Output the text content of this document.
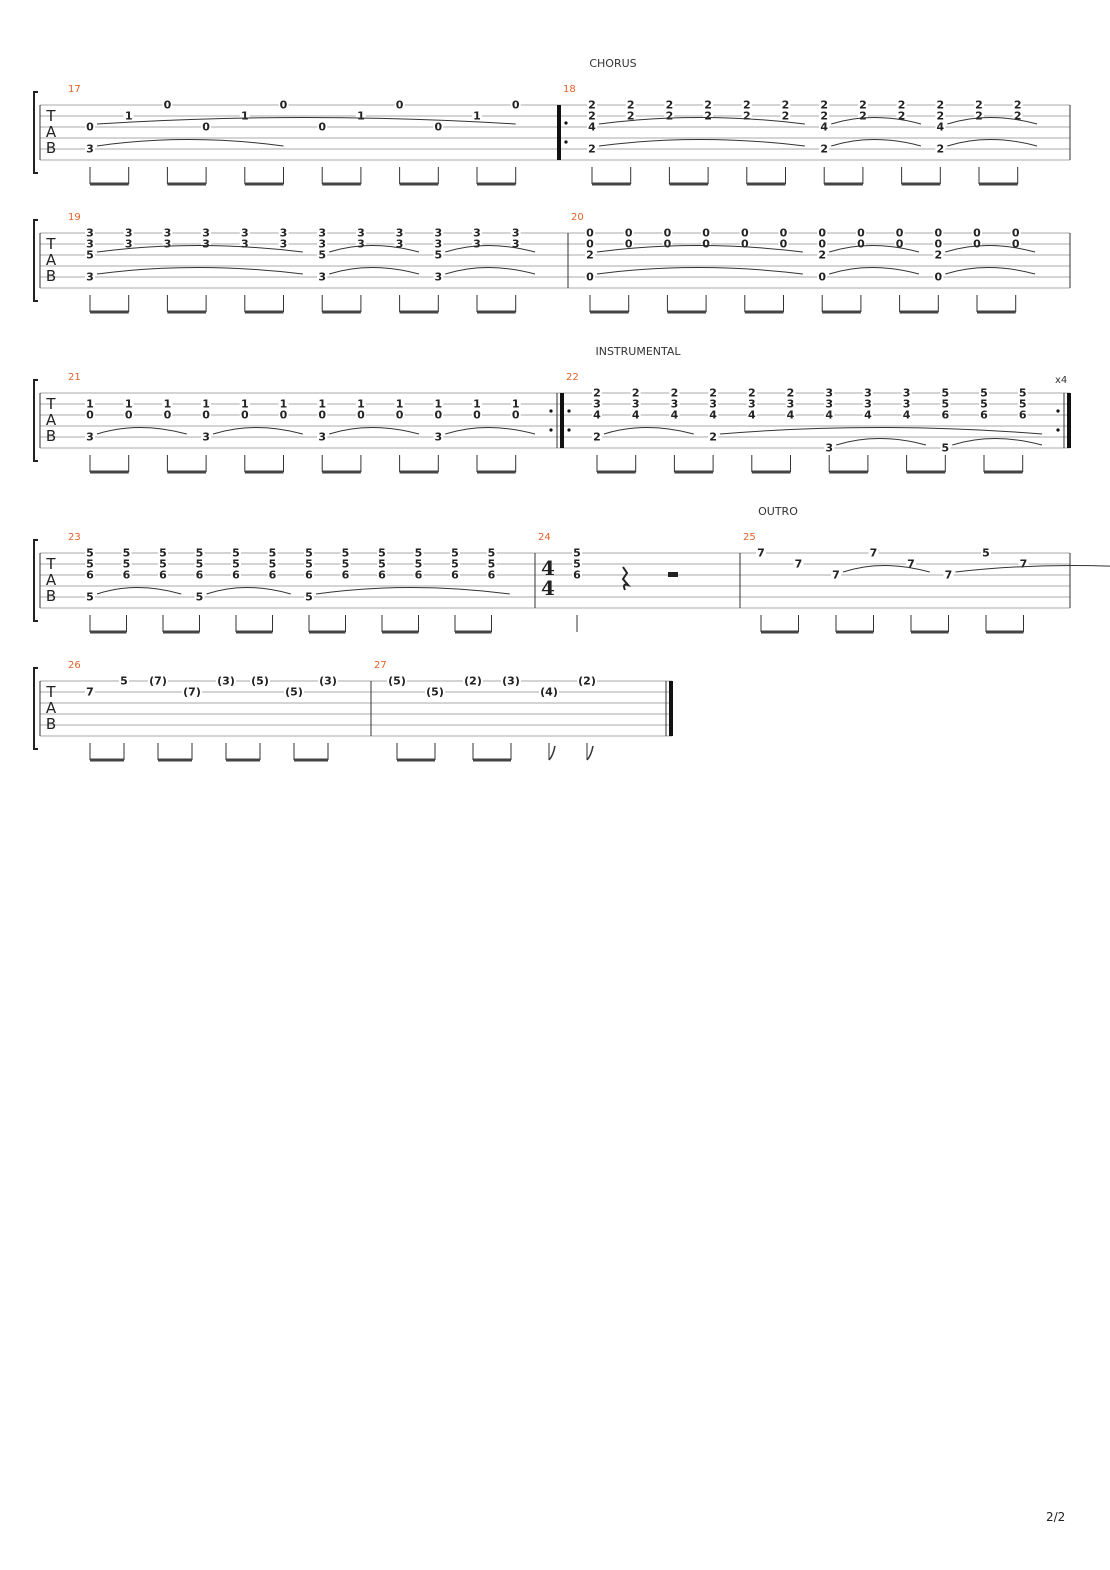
T
A
B
17
3
0
1
0
0
1
0
0
1
0
0
1
0
18
CHORUS
2
2
4
2
2
2
2
2
2
2
2
2
2
2
2
2
4
2
2
2
2
2
2
2
4
2
2
2
2
2
T
A
B
19
3
3
5
3
3
3
3
3
3
3
3
3
3
3
3
3
5
3
3
3
3
3
3
3
5
3
3
3
3
3
20
0
0
2
0
0
0
0
0
0
0
0
0
0
0
0
0
2
0
0
0
0
0
0
0
2
0
0
0
0
0
T
A
B
21
1
0
3
1
0
1
0
1
0
3
1
0
1
0
1
0
3
1
0
1
0
1
0
3
1
0
1
0
22
INSTRUMENTAL
x4
2
3
4
2
2
3
4
2
3
4
2
3
4
2
2
3
4
2
3
4
3
3
4
3
3
3
4
3
3
4
5
5
6
5
5
5
6
5
5
6
T
A
B
23
5
5
6
5
5
5
6
5
5
6
5
5
6
5
5
5
6
5
5
6
5
5
6
5
5
5
6
5
5
6
5
5
6
5
5
6
5
5
6
24
4
4
5
5
6
25
OUTRO
7
7
7
7
7
7
5
7
T
A
B
26
7
5 (7)
(7)
(3) (5)
(5)
(3)
27
(5)
(5)
(2) (3)
(4)
(2)
2/2
